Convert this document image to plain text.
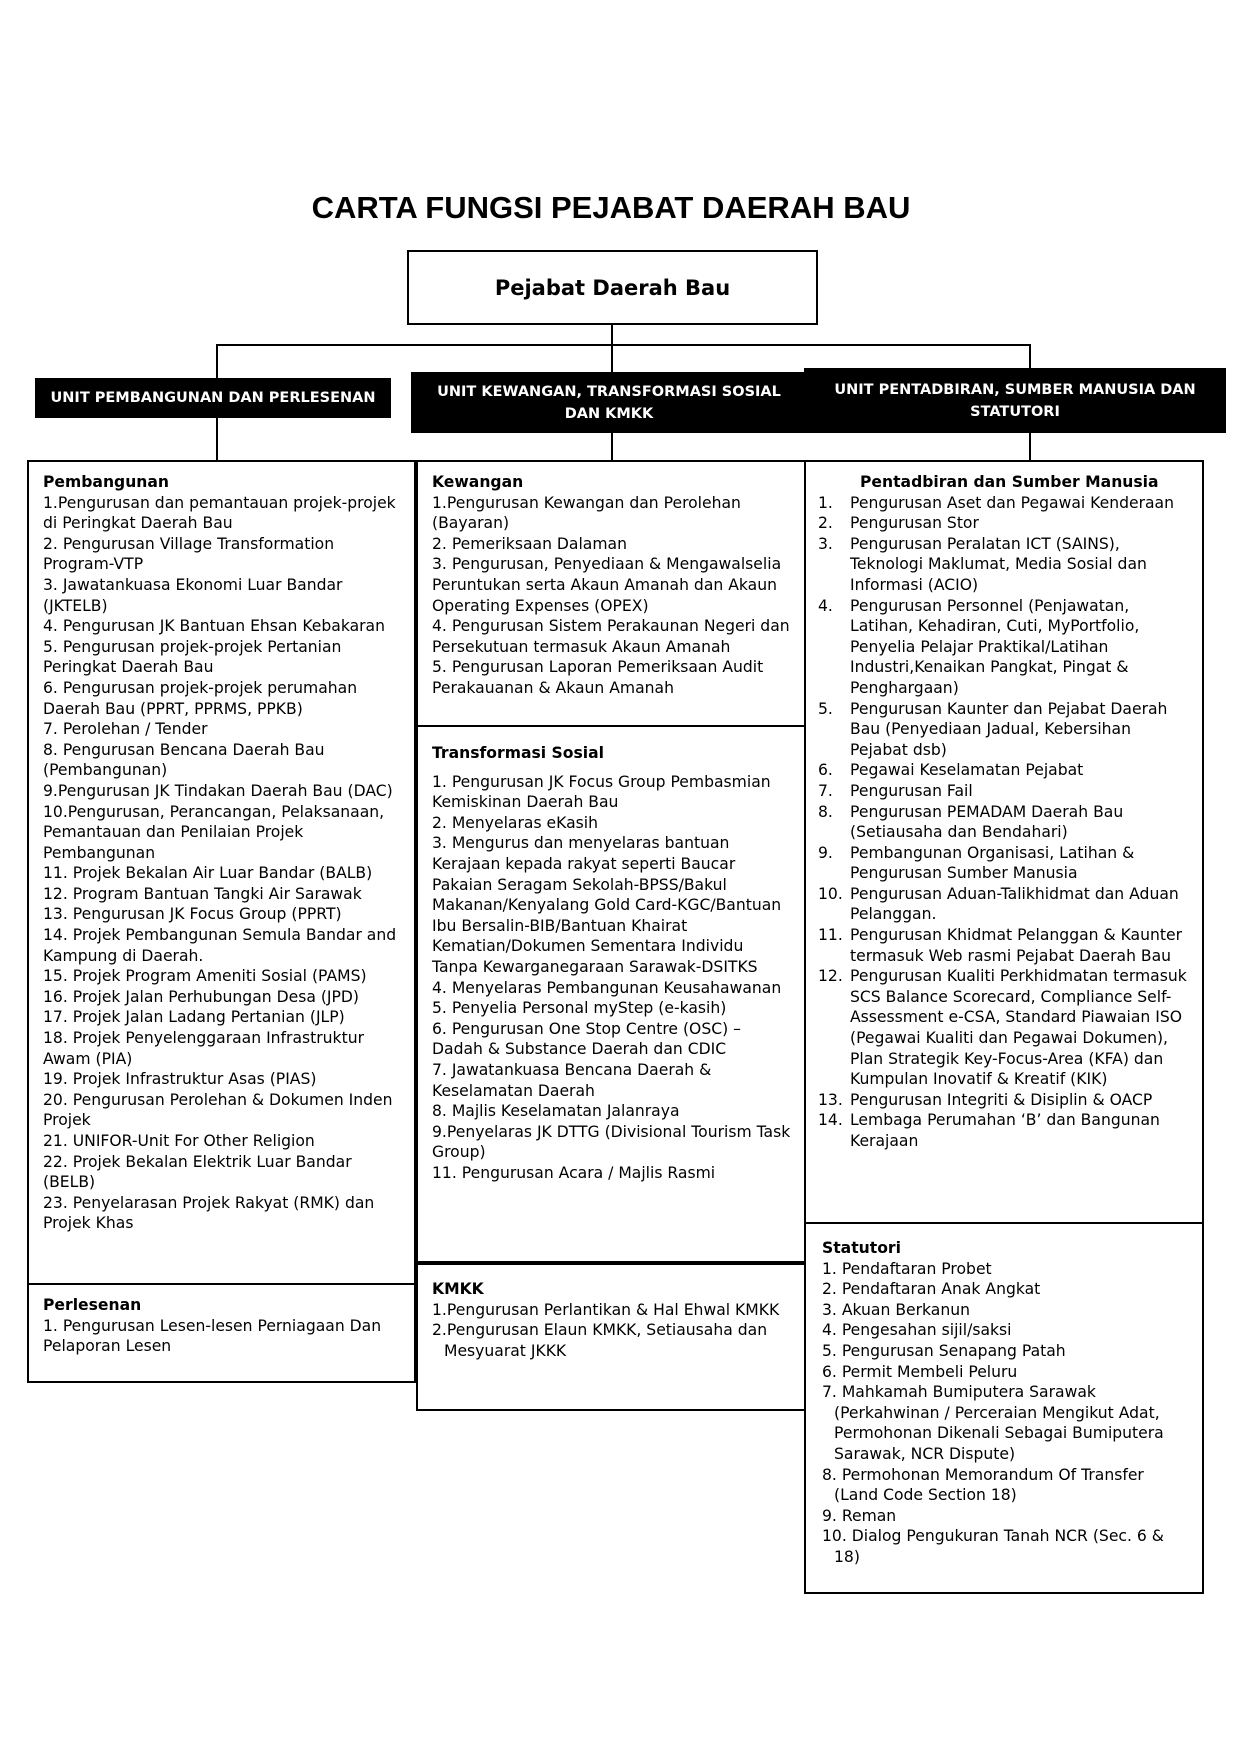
CARTA FUNGSI PEJABAT DAERAH BAU
Pejabat Daerah Bau
UNIT PEMBANGUNAN DAN PERLESENAN	UNIT KEWANGAN, TRANSFORMASI SOSIAL DAN KMKK
UNIT PENTADBIRAN, SUMBER MANUSIA DAN STATUTORI
Pembangunan
1.Pengurusan dan pemantauan projek-projek di Peringkat Daerah Bau
2. Pengurusan Village Transformation Program-VTP
3. Jawatankuasa Ekonomi Luar Bandar (JKTELB)
4. Pengurusan JK Bantuan Ehsan Kebakaran
5. Pengurusan projek-projek Pertanian Peringkat Daerah Bau
6. Pengurusan projek-projek perumahan Daerah Bau (PPRT, PPRMS, PPKB)
7. Perolehan / Tender
8. Pengurusan Bencana Daerah Bau (Pembangunan)
9.Pengurusan JK Tindakan Daerah Bau (DAC)
10.Pengurusan, Perancangan, Pelaksanaan, Pemantauan dan Penilaian Projek Pembangunan
11. Projek Bekalan Air Luar Bandar (BALB)
12. Program Bantuan Tangki Air Sarawak
13. Pengurusan JK Focus Group (PPRT)
14. Projek Pembangunan Semula Bandar and Kampung di Daerah.
15. Projek Program Ameniti Sosial (PAMS)
16. Projek Jalan Perhubungan Desa (JPD)
17. Projek Jalan Ladang Pertanian (JLP)
18. Projek Penyelenggaraan Infrastruktur Awam (PIA)
19. Projek Infrastruktur Asas (PIAS)
20. Pengurusan Perolehan & Dokumen Inden Projek
21. UNIFOR-Unit For Other Religion
22. Projek Bekalan Elektrik Luar Bandar (BELB)
23. Penyelarasan Projek Rakyat (RMK) dan Projek Khas
Perlesenan
1. Pengurusan Lesen-lesen Perniagaan Dan Pelaporan Lesen
Kewangan
1.Pengurusan Kewangan dan Perolehan (Bayaran)
2. Pemeriksaan Dalaman
3. Pengurusan, Penyediaan & Mengawalselia Peruntukan serta Akaun Amanah dan Akaun Operating Expenses (OPEX)
4. Pengurusan Sistem Perakaunan Negeri dan Persekutuan termasuk Akaun Amanah
5. Pengurusan Laporan Pemeriksaan Audit Perakauanan & Akaun Amanah
Transformasi Sosial
1. Pengurusan JK Focus Group Pembasmian Kemiskinan Daerah Bau
2. Menyelaras eKasih
3. Mengurus dan menyelaras bantuan Kerajaan kepada rakyat seperti Baucar Pakaian Seragam Sekolah-BPSS/Bakul Makanan/Kenyalang Gold Card-KGC/Bantuan Ibu Bersalin-BIB/Bantuan Khairat Kematian/Dokumen Sementara Individu Tanpa Kewarganegaraan Sarawak-DSITKS
4. Menyelaras Pembangunan Keusahawanan
5. Penyelia Personal myStep (e-kasih)
6. Pengurusan One Stop Centre (OSC) – Dadah & Substance Daerah dan CDIC
7. Jawatankuasa Bencana Daerah & Keselamatan Daerah
8. Majlis Keselamatan Jalanraya
9.Penyelaras JK DTTG (Divisional Tourism Task Group)
11. Pengurusan Acara / Majlis Rasmi
KMKK
1.Pengurusan Perlantikan & Hal Ehwal KMKK
2.Pengurusan Elaun KMKK, Setiausaha dan Mesyuarat JKKK
Pentadbiran dan Sumber Manusia
1.	Pengurusan Aset dan Pegawai Kenderaan
2.	Pengurusan Stor
3.	Pengurusan Peralatan ICT (SAINS), Teknologi Maklumat, Media Sosial dan Informasi (ACIO)
4.	Pengurusan Personnel (Penjawatan, Latihan, Kehadiran, Cuti, MyPortfolio, Penyelia Pelajar Praktikal/Latihan Industri,Kenaikan Pangkat, Pingat & Penghargaan)
5.	Pengurusan Kaunter dan Pejabat Daerah Bau (Penyediaan Jadual, Kebersihan Pejabat dsb)
6.	Pegawai Keselamatan Pejabat
7.	Pengurusan Fail
8.	Pengurusan PEMADAM Daerah Bau (Setiausaha dan Bendahari)
9.	Pembangunan Organisasi, Latihan & Pengurusan Sumber Manusia
10. Pengurusan Aduan-Talikhidmat dan Aduan Pelanggan.
11. Pengurusan Khidmat Pelanggan & Kaunter termasuk Web rasmi Pejabat Daerah Bau
12. Pengurusan Kualiti Perkhidmatan termasuk SCS Balance Scorecard, Compliance Self-Assessment e-CSA, Standard Piawaian ISO (Pegawai Kualiti dan Pegawai Dokumen), Plan Strategik Key-Focus-Area (KFA) dan Kumpulan Inovatif & Kreatif (KIK)
13. Pengurusan Integriti & Disiplin & OACP
14. Lembaga Perumahan ‘B’ dan Bangunan Kerajaan
Statutori
1. Pendaftaran Probet
2. Pendaftaran Anak Angkat
3. Akuan Berkanun
4. Pengesahan sijil/saksi
5. Pengurusan Senapang Patah
6. Permit Membeli Peluru
7. Mahkamah Bumiputera Sarawak (Perkahwinan / Perceraian Mengikut Adat, Permohonan Dikenali Sebagai Bumiputera Sarawak, NCR Dispute)
8. Permohonan Memorandum Of Transfer (Land Code Section 18)
9. Reman
10. Dialog Pengukuran Tanah NCR (Sec. 6 & 18)
